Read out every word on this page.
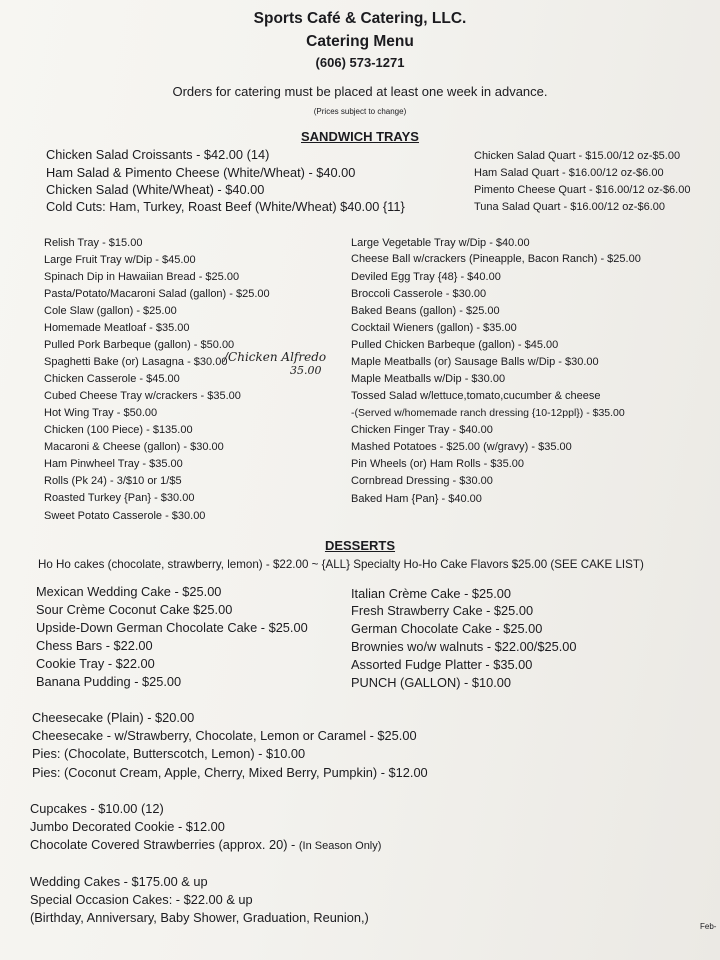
Sports Café & Catering, LLC.
Catering Menu
(606) 573-1271
Orders for catering must be placed at least one week in advance.
(Prices subject to change)
SANDWICH TRAYS
Chicken Salad Croissants - $42.00 (14)
Ham Salad & Pimento Cheese (White/Wheat) - $40.00
Chicken Salad (White/Wheat) - $40.00
Cold Cuts: Ham, Turkey, Roast Beef (White/Wheat) $40.00 {11}
Chicken Salad Quart - $15.00/12 oz-$5.00
Ham Salad Quart - $16.00/12 oz-$6.00
Pimento Cheese Quart - $16.00/12 oz-$6.00
Tuna Salad Quart - $16.00/12 oz-$6.00
Relish Tray - $15.00
Large Fruit Tray w/Dip - $45.00
Spinach Dip in Hawaiian Bread - $25.00
Pasta/Potato/Macaroni Salad (gallon) - $25.00
Cole Slaw (gallon) - $25.00
Homemade Meatloaf - $35.00
Pulled Pork Barbeque (gallon) - $50.00
Spaghetti Bake (or) Lasagna - $30.00
/Chicken Alfredo
35.00
Chicken Casserole - $45.00
Cubed Cheese Tray w/crackers - $35.00
Hot Wing Tray - $50.00
Chicken (100 Piece) - $135.00
Macaroni & Cheese (gallon) - $30.00
Ham Pinwheel Tray - $35.00
Rolls (Pk 24) - 3/$10 or 1/$5
Roasted Turkey {Pan} - $30.00
Sweet Potato Casserole - $30.00
Large Vegetable Tray w/Dip - $40.00
Cheese Ball w/crackers (Pineapple, Bacon Ranch) - $25.00
Deviled Egg Tray {48} - $40.00
Broccoli Casserole - $30.00
Baked Beans (gallon) - $25.00
Cocktail Wieners (gallon) - $35.00
Pulled Chicken Barbeque (gallon) - $45.00
Maple Meatballs (or) Sausage Balls w/Dip - $30.00
Maple Meatballs w/Dip - $30.00
Tossed Salad w/lettuce,tomato,cucumber & cheese
-(Served w/homemade ranch dressing {10-12ppl}) - $35.00
Chicken Finger Tray - $40.00
Mashed Potatoes - $25.00 (w/gravy) - $35.00
Pin Wheels (or) Ham Rolls - $35.00
Cornbread Dressing - $30.00
Baked Ham {Pan} - $40.00
DESSERTS
Ho Ho cakes (chocolate, strawberry, lemon) - $22.00 ~ {ALL} Specialty Ho-Ho Cake Flavors $25.00 (SEE CAKE LIST)
Mexican Wedding Cake - $25.00
Sour Crème Coconut Cake $25.00
Upside-Down German Chocolate Cake - $25.00
Chess Bars - $22.00
Cookie Tray - $22.00
Banana Pudding - $25.00
Italian Crème Cake - $25.00
Fresh Strawberry Cake - $25.00
German Chocolate Cake - $25.00
Brownies wo/w walnuts - $22.00/$25.00
Assorted Fudge Platter - $35.00
PUNCH (GALLON) - $10.00
Cheesecake (Plain) - $20.00
Cheesecake - w/Strawberry, Chocolate, Lemon or Caramel - $25.00
Pies: (Chocolate, Butterscotch, Lemon) - $10.00
Pies: (Coconut Cream, Apple, Cherry, Mixed Berry, Pumpkin) - $12.00
Cupcakes - $10.00 (12)
Jumbo Decorated Cookie - $12.00
Chocolate Covered Strawberries (approx. 20) - (In Season Only)
Wedding Cakes - $175.00 & up
Special Occasion Cakes: - $22.00 & up
(Birthday, Anniversary, Baby Shower, Graduation, Reunion,)
Feb-
